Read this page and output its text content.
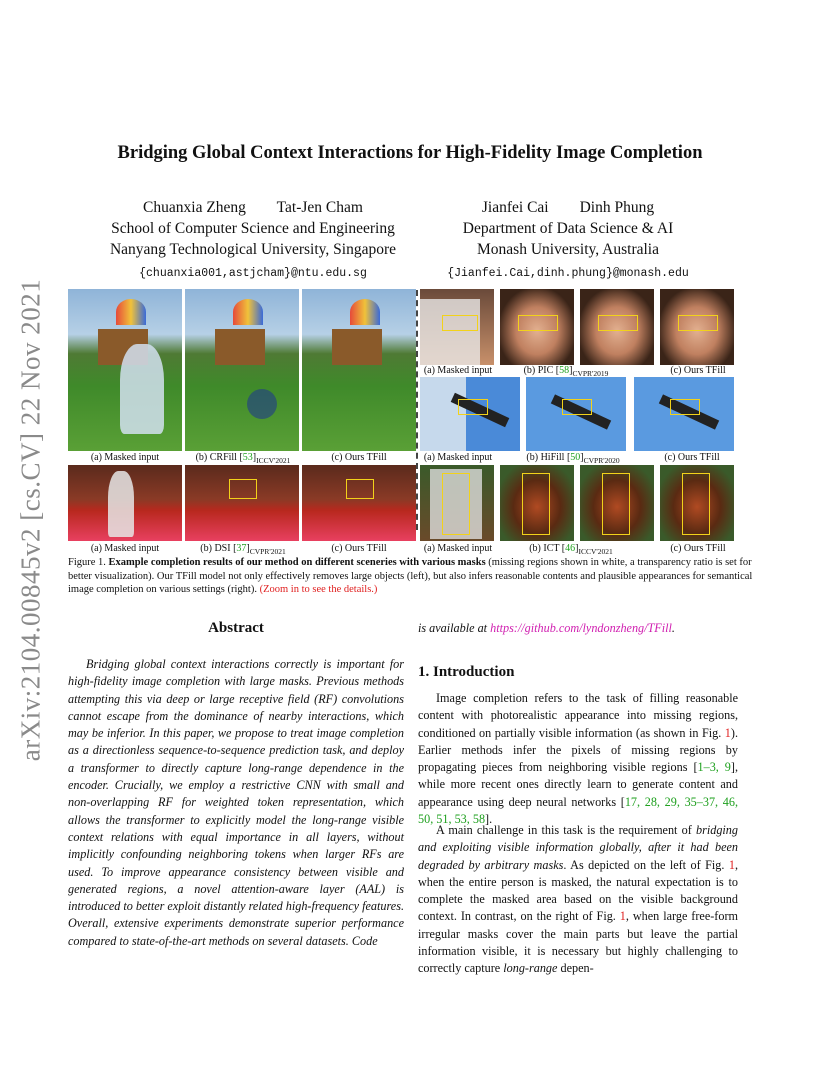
arXiv:2104.00845v2 [cs.CV] 22 Nov 2021
Bridging Global Context Interactions for High-Fidelity Image Completion
Chuanxia Zheng        Tat-Jen Cham
School of Computer Science and Engineering
Nanyang Technological University, Singapore
{chuanxia001,astjcham}@ntu.edu.sg
Jianfei Cai        Dinh Phung
Department of Data Science & AI
Monash University, Australia
{Jianfei.Cai,dinh.phung}@monash.edu
(a) Masked input	(b) CRFill $[53]_{ICCV'2021}$	(c) Ours TFill
(a) Masked input	(b) PIC $[58]_{CVPR'2019}$	(c) Ours TFill
(a) Masked input	(b) HiFill $[50]_{CVPR'2020}$	(c) Ours TFill
(a) Masked input	(b) DSI $[37]_{CVPR'2021}$	(c) Ours TFill	(a) Masked input	(b) ICT $[46]_{ICCV'2021}$	(c) Ours TFill
Figure 1. Example completion results of our method on different sceneries with various masks (missing regions shown in white, a transparency ratio is set for better visualization). Our TFill model not only effectively removes large objects (left), but also infers reasonable contents and plausible appearances for semantical image completion on various settings (right). (Zoom in to see the details.)
Abstract
Bridging global context interactions correctly is important for high-fidelity image completion with large masks. Previous methods attempting this via deep or large receptive field (RF) convolutions cannot escape from the dominance of nearby interactions, which may be inferior. In this paper, we propose to treat image completion as a directionless sequence-to-sequence prediction task, and deploy a transformer to directly capture long-range dependence in the encoder. Crucially, we employ a restrictive CNN with small and non-overlapping RF for weighted token representation, which allows the transformer to explicitly model the long-range visible context relations with equal importance in all layers, without implicitly confounding neighboring tokens when larger RFs are used. To improve appearance consistency between visible and generated regions, a novel attention-aware layer (AAL) is introduced to better exploit distantly related high-frequency features. Overall, extensive experiments demonstrate superior performance compared to state-of-the-art methods on several datasets. Code
is available at https://github.com/lyndonzheng/TFill.
1. Introduction
Image completion refers to the task of filling reasonable content with photorealistic appearance into missing regions, conditioned on partially visible information (as shown in Fig. 1). Earlier methods infer the pixels of missing regions by propagating pieces from neighboring visible regions [1–3, 9], while more recent ones directly learn to generate content and appearance using deep neural networks [17, 28, 29, 35–37, 46, 50, 51, 53, 58].
A main challenge in this task is the requirement of bridging and exploiting visible information globally, after it had been degraded by arbitrary masks. As depicted on the left of Fig. 1, when the entire person is masked, the natural expectation is to complete the masked area based on the visible background context. In contrast, on the right of Fig. 1, when large free-form irregular masks cover the main parts but leave the partial information visible, it is necessary but highly challenging to correctly capture long-range depen-
